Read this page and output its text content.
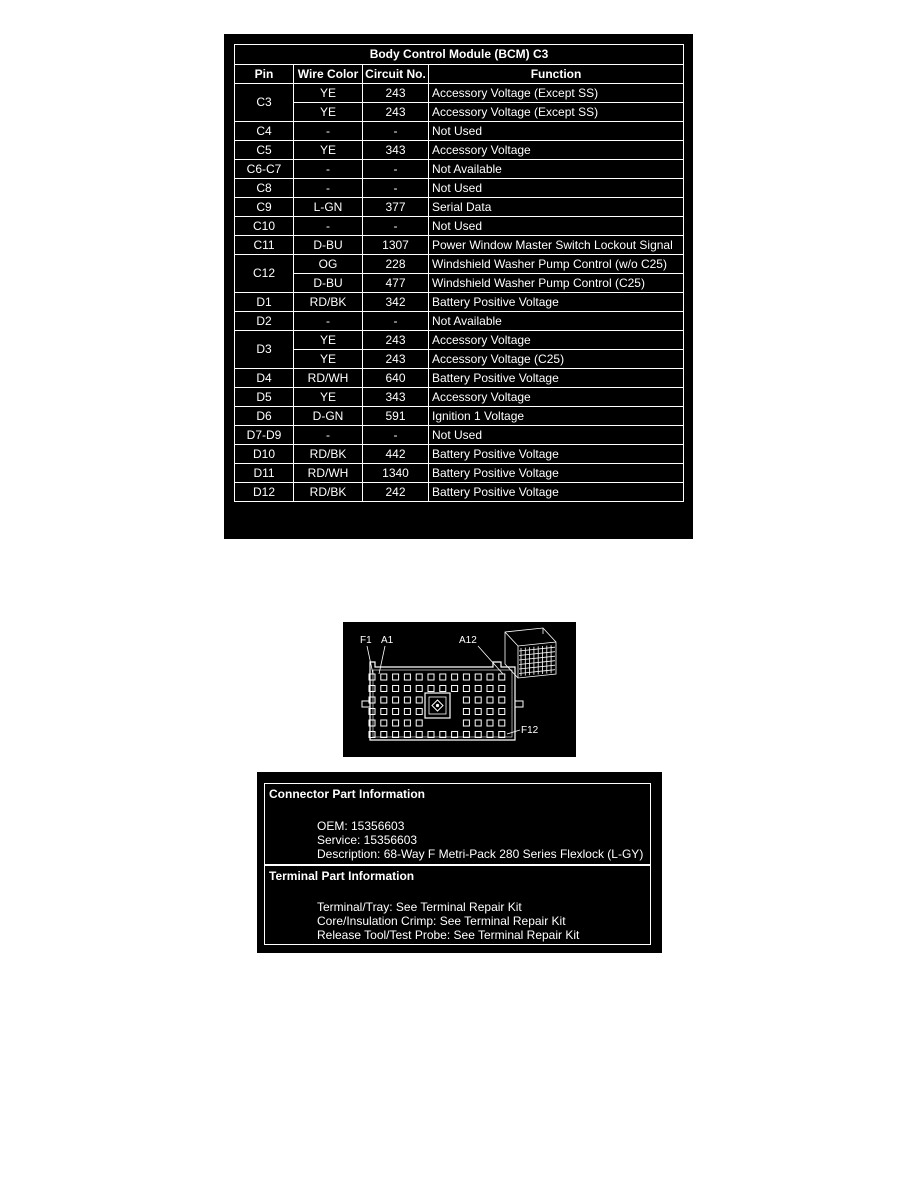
Body Control Module (BCM) C3			
Pin	Wire Color	Circuit No.	Function
C3	YE	243	Accessory Voltage (Except SS)
	YE	243	Accessory Voltage (Except SS)
C4	-	-	Not Used
C5	YE	343	Accessory Voltage
C6-C7	-	-	Not Available
C8	-	-	Not Used
C9	L-GN	377	Serial Data
C10	-	-	Not Used
C11	D-BU	1307	Power Window Master Switch Lockout Signal
C12	OG	228	Windshield Washer Pump Control (w/o C25)
	D-BU	477	Windshield Washer Pump Control (C25)
D1	RD/BK	342	Battery Positive Voltage
D2	-	-	Not Available
D3	YE	243	Accessory Voltage
	YE	243	Accessory Voltage (C25)
D4	RD/WH	640	Battery Positive Voltage
D5	YE	343	Accessory Voltage
D6	D-GN	591	Ignition 1 Voltage
D7-D9	-	-	Not Used
D10	RD/BK	442	Battery Positive Voltage
D11	RD/WH	1340	Battery Positive Voltage
D12	RD/BK	242	Battery Positive Voltage
F1 A1	A12
F12
Connector Part Information
OEM: 15356603
Service: 15356603
Description: 68-Way F Metri-Pack 280 Series Flexlock (L-GY)
Terminal Part Information
Terminal/Tray: See Terminal Repair Kit
Core/Insulation Crimp: See Terminal Repair Kit
Release Tool/Test Probe: See Terminal Repair Kit
